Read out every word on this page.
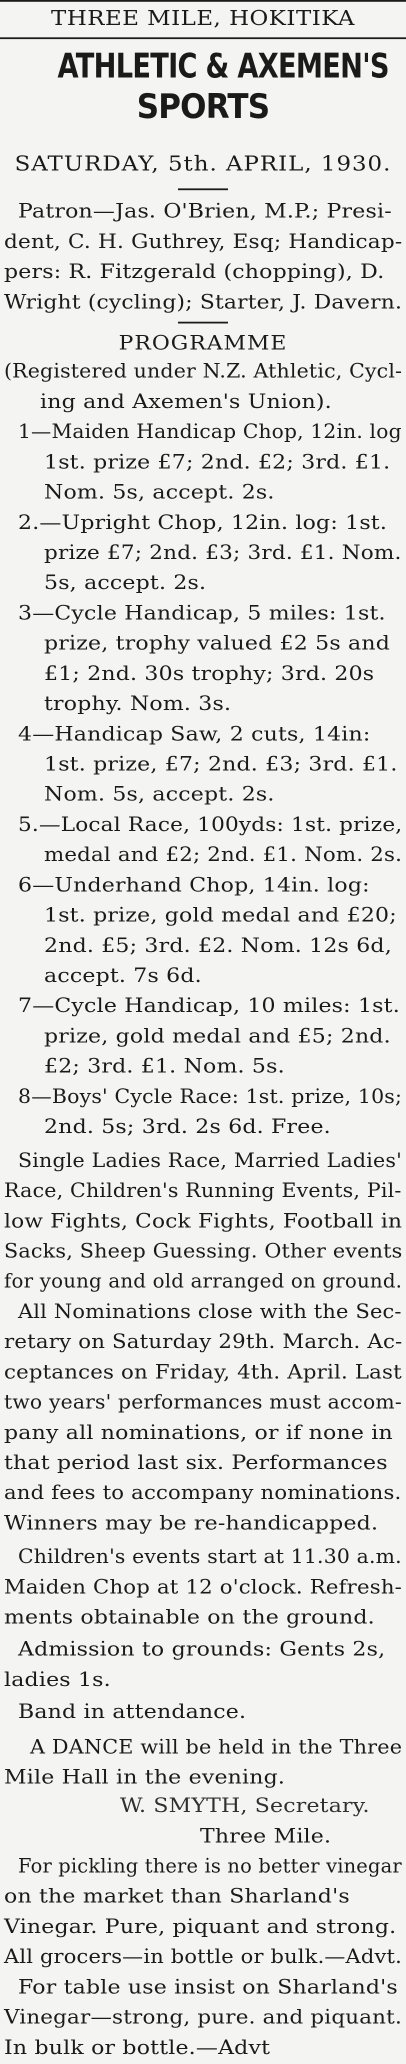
THREE MILE, HOKITIKA
ATHLETIC & AXEMEN'S
SPORTS
SATURDAY, 5th. APRIL, 1930.
Patron—Jas. O'Brien, M.P.; Presi-
dent, C. H. Guthrey, Esq; Handicap-
pers: R. Fitzgerald (chopping), D.
Wright (cycling); Starter, J. Davern.
PROGRAMME
(Registered under N.Z. Athletic, Cycl-
ing and Axemen's Union).
1—Maiden Handicap Chop, 12in. log
1st. prize £7; 2nd. £2; 3rd. £1.
Nom. 5s, accept. 2s.
2.—Upright Chop, 12in. log: 1st.
prize £7; 2nd. £3; 3rd. £1. Nom.
5s, accept. 2s.
3—Cycle Handicap, 5 miles: 1st.
prize, trophy valued £2 5s and
£1; 2nd. 30s trophy; 3rd. 20s
trophy. Nom. 3s.
4—Handicap Saw, 2 cuts, 14in:
1st. prize, £7; 2nd. £3; 3rd. £1.
Nom. 5s, accept. 2s.
5.—Local Race, 100yds: 1st. prize,
medal and £2; 2nd. £1. Nom. 2s.
6—Underhand Chop, 14in. log:
1st. prize, gold medal and £20;
2nd. £5; 3rd. £2. Nom. 12s 6d,
accept. 7s 6d.
7—Cycle Handicap, 10 miles: 1st.
prize, gold medal and £5; 2nd.
£2; 3rd. £1. Nom. 5s.
8—Boys' Cycle Race: 1st. prize, 10s;
2nd. 5s; 3rd. 2s 6d. Free.
Single Ladies Race, Married Ladies'
Race, Children's Running Events, Pil-
low Fights, Cock Fights, Football in
Sacks, Sheep Guessing. Other events
for young and old arranged on ground.
All Nominations close with the Sec-
retary on Saturday 29th. March. Ac-
ceptances on Friday, 4th. April. Last
two years' performances must accom-
pany all nominations, or if none in
that period last six. Performances
and fees to accompany nominations.
Winners may be re-handicapped.
Children's events start at 11.30 a.m.
Maiden Chop at 12 o'clock. Refresh-
ments obtainable on the ground.
Admission to grounds: Gents 2s,
ladies 1s.
Band in attendance.
A DANCE will be held in the Three
Mile Hall in the evening.
W. SMYTH, Secretary.
Three Mile.
For pickling there is no better vinegar
on the market than Sharland's
Vinegar. Pure, piquant and strong.
All grocers—in bottle or bulk.—Advt.
For table use insist on Sharland's
Vinegar—strong, pure. and piquant.
In bulk or bottle.—Advt
